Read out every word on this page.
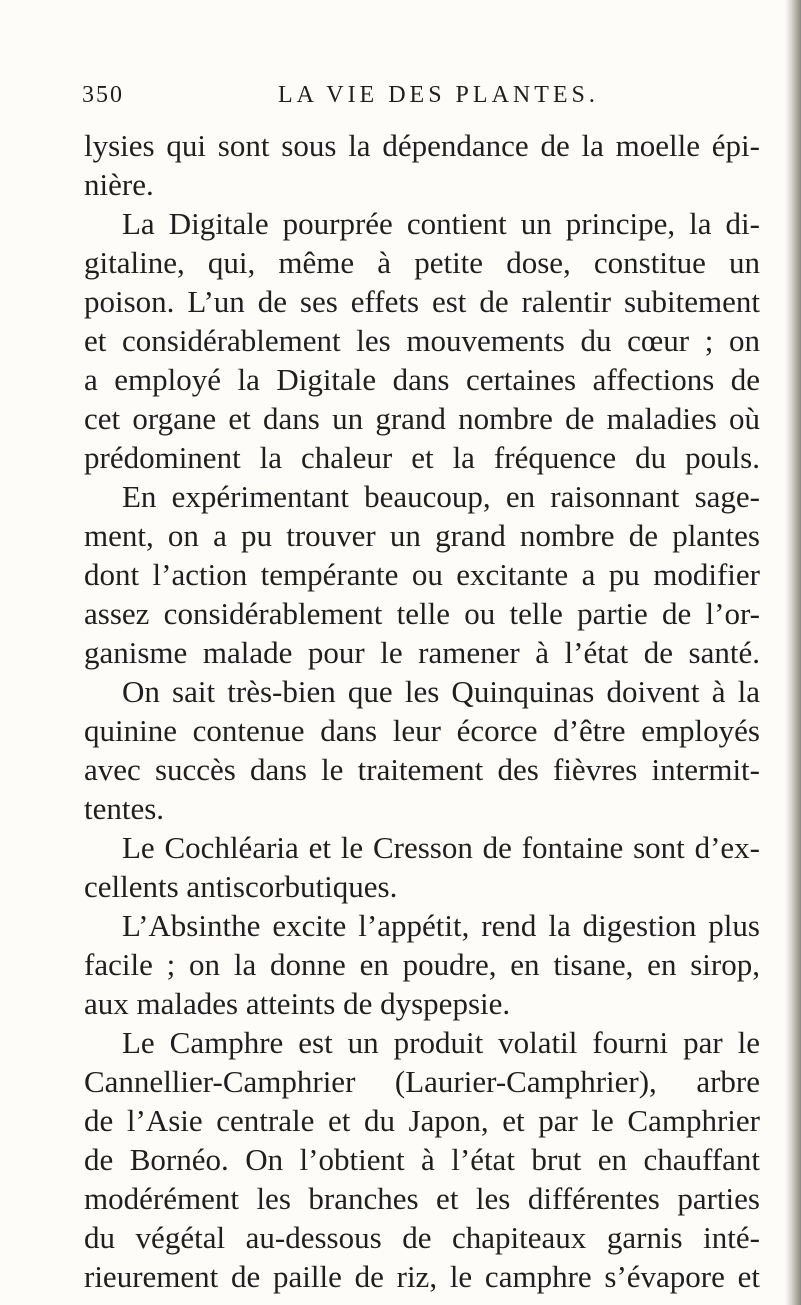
350	LA VIE DES PLANTES.
lysies qui sont sous la dépendance de la moelle épi-
nière.
La Digitale pourprée contient un principe, la di-
gitaline, qui, même à petite dose, constitue un
poison. L’un de ses effets est de ralentir subitement
et considérablement les mouvements du cœur ; on
a employé la Digitale dans certaines affections de
cet organe et dans un grand nombre de maladies où
prédominent la chaleur et la fréquence du pouls.
En expérimentant beaucoup, en raisonnant sage-
ment, on a pu trouver un grand nombre de plantes
dont l’action tempérante ou excitante a pu modifier
assez considérablement telle ou telle partie de l’or-
ganisme malade pour le ramener à l’état de santé.
On sait très-bien que les Quinquinas doivent à la
quinine contenue dans leur écorce d’être employés
avec succès dans le traitement des fièvres intermit-
tentes.
Le Cochléaria et le Cresson de fontaine sont d’ex-
cellents antiscorbutiques.
L’Absinthe excite l’appétit, rend la digestion plus
facile ; on la donne en poudre, en tisane, en sirop,
aux malades atteints de dyspepsie.
Le Camphre est un produit volatil fourni par le
Cannellier-Camphrier (Laurier-Camphrier), arbre
de l’Asie centrale et du Japon, et par le Camphrier
de Bornéo. On l’obtient à l’état brut en chauffant
modérément les branches et les différentes parties
du végétal au-dessous de chapiteaux garnis inté-
rieurement de paille de riz, le camphre s’évapore et
